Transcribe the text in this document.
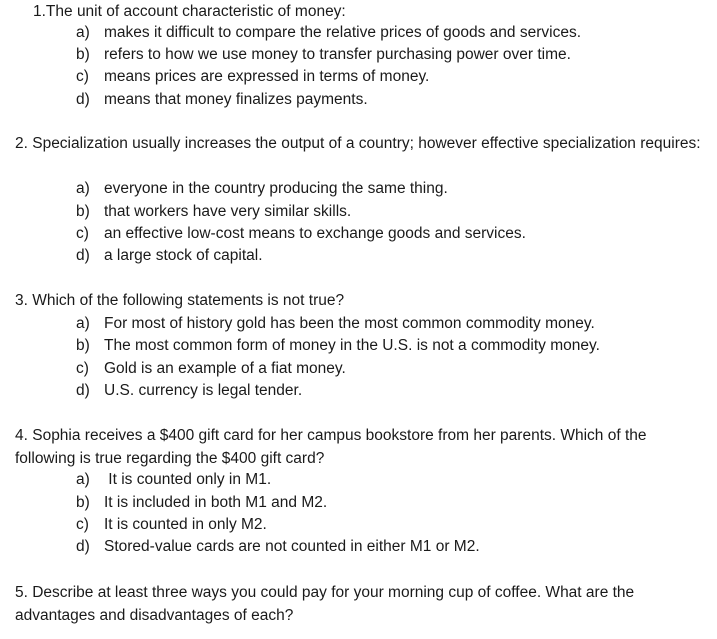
1.The unit of account characteristic of money:

a) makes it difficult to compare the relative prices of goods and services.
b) refers to how we use money to transfer purchasing power over time.
c) means prices are expressed in terms of money.
d) means that money finalizes payments.

2. Specialization usually increases the output of a country; however effective specialization requires:

a) everyone in the country producing the same thing.
b) that workers have very similar skills.
c) an effective low-cost means to exchange goods and services.
d) a large stock of capital.

3. Which of the following statements is not true?

a) For most of history gold has been the most common commodity money.
b) The most common form of money in the U.S. is not a commodity money.
c) Gold is an example of a fiat money.
d) U.S. currency is legal tender.

4. Sophia receives a $400 gift card for her campus bookstore from her parents. Which of the following is true regarding the $400 gift card?

a) It is counted only in M1.
b) It is included in both M1 and M2.
c) It is counted in only M2.
d) Stored-value cards are not counted in either M1 or M2.

5. Describe at least three ways you could pay for your morning cup of coffee. What are the advantages and disadvantages of each?
